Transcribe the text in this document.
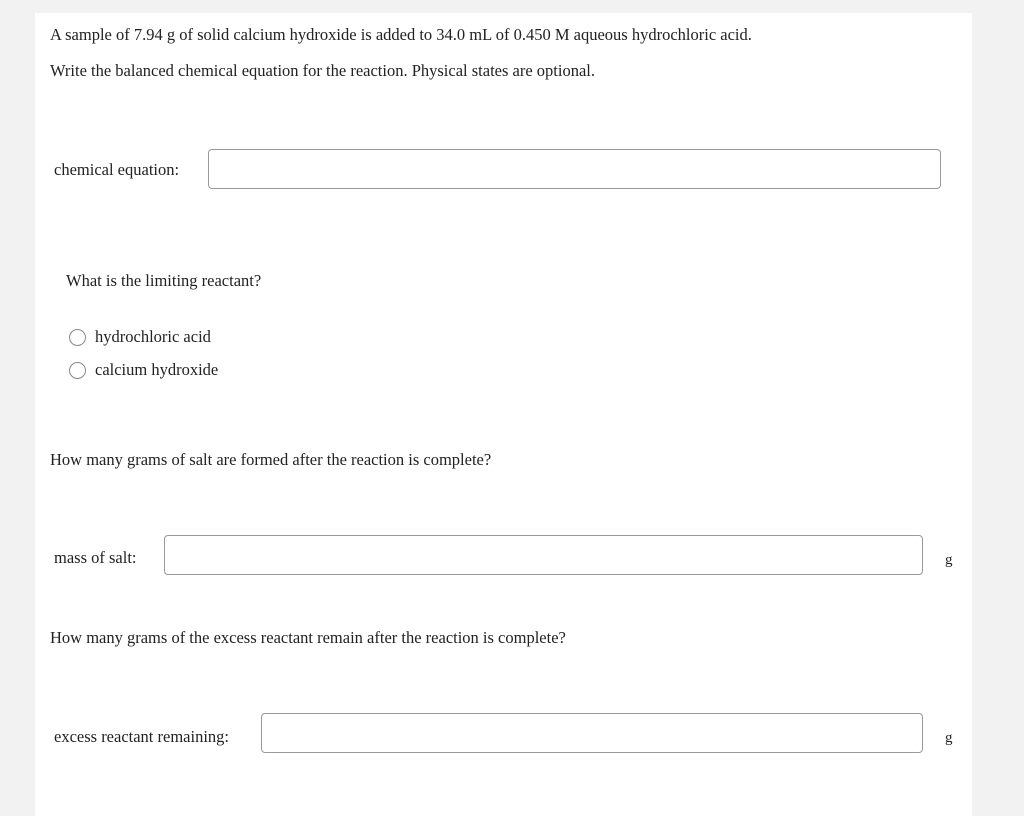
A sample of 7.94 g of solid calcium hydroxide is added to 34.0 mL of 0.450 M aqueous hydrochloric acid.
Write the balanced chemical equation for the reaction. Physical states are optional.
chemical equation:
What is the limiting reactant?
hydrochloric acid
calcium hydroxide
How many grams of salt are formed after the reaction is complete?
mass of salt:	g
How many grams of the excess reactant remain after the reaction is complete?
excess reactant remaining:	g
